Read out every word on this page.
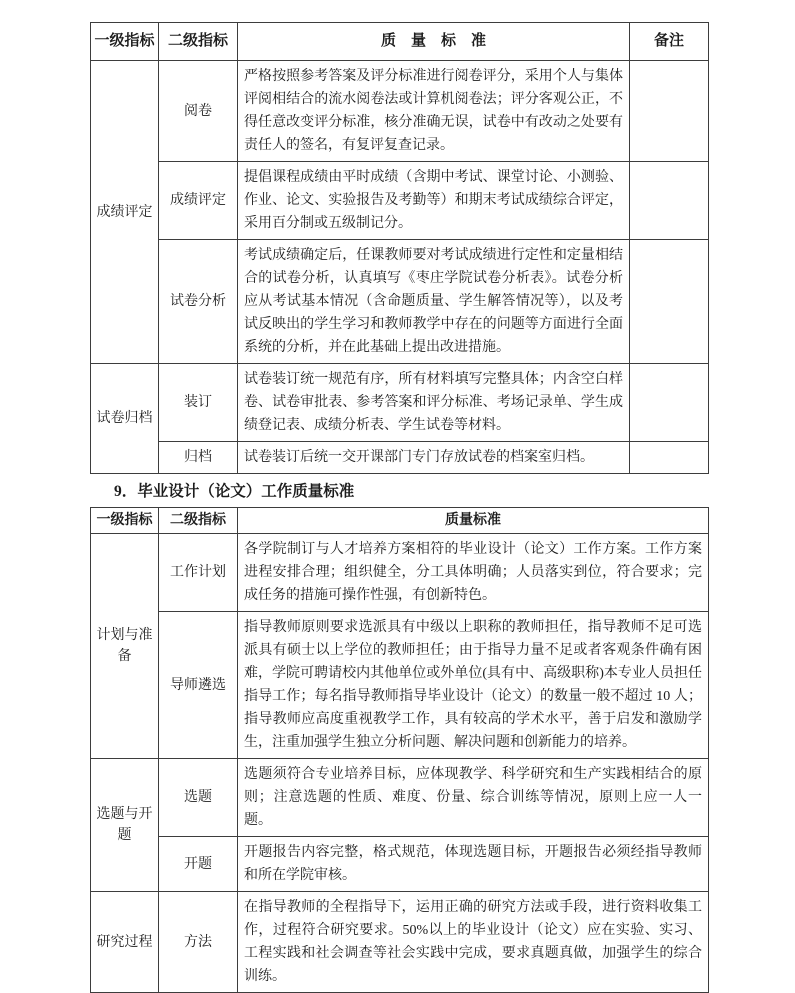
一级指标	二级指标	质　量　标　准	备注
成绩评定	阅卷	严格按照参考答案及评分标准进行阅卷评分，采用个人与集体评阅相结合的流水阅卷法或计算机阅卷法；评分客观公正，不得任意改变评分标准，核分准确无误，试卷中有改动之处要有责任人的签名，有复评复查记录。	
	成绩评定	提倡课程成绩由平时成绩（含期中考试、课堂讨论、小测验、作业、论文、实验报告及考勤等）和期末考试成绩综合评定，采用百分制或五级制记分。	
	试卷分析	考试成绩确定后，任课教师要对考试成绩进行定性和定量相结合的试卷分析，认真填写《枣庄学院试卷分析表》。试卷分析应从考试基本情况（含命题质量、学生解答情况等），以及考试反映出的学生学习和教师教学中存在的问题等方面进行全面系统的分析，并在此基础上提出改进措施。	
试卷归档	装订	试卷装订统一规范有序，所有材料填写完整具体；内含空白样卷、试卷审批表、参考答案和评分标准、考场记录单、学生成绩登记表、成绩分析表、学生试卷等材料。	
	归档	试卷装订后统一交开课部门专门存放试卷的档案室归档。	
9．毕业设计（论文）工作质量标准
一级指标	二级指标	质量标准
计划与准备	工作计划	各学院制订与人才培养方案相符的毕业设计（论文）工作方案。工作方案进程安排合理；组织健全，分工具体明确；人员落实到位，符合要求；完成任务的措施可操作性强，有创新特色。
	导师遴选	指导教师原则要求选派具有中级以上职称的教师担任，指导教师不足可选派具有硕士以上学位的教师担任；由于指导力量不足或者客观条件确有困难，学院可聘请校内其他单位或外单位(具有中、高级职称)本专业人员担任指导工作；每名指导教师指导毕业设计（论文）的数量一般不超过 10 人；指导教师应高度重视教学工作，具有较高的学术水平，善于启发和激励学生，注重加强学生独立分析问题、解决问题和创新能力的培养。
选题与开题	选题	选题须符合专业培养目标，应体现教学、科学研究和生产实践相结合的原则；注意选题的性质、难度、份量、综合训练等情况，原则上应一人一题。
	开题	开题报告内容完整，格式规范，体现选题目标，开题报告必须经指导教师和所在学院审核。
研究过程	方法	在指导教师的全程指导下，运用正确的研究方法或手段，进行资料收集工作，过程符合研究要求。50%以上的毕业设计（论文）应在实验、实习、工程实践和社会调查等社会实践中完成，要求真题真做，加强学生的综合训练。
